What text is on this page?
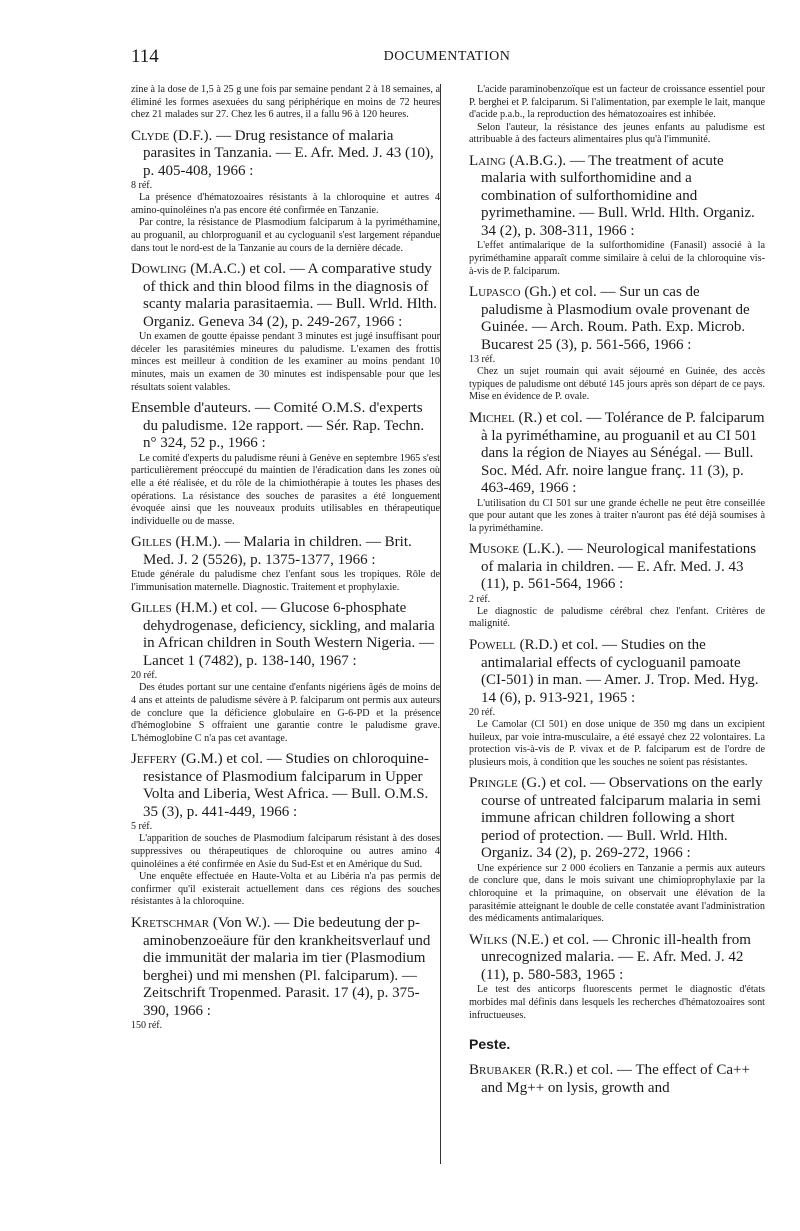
114	DOCUMENTATION

zine à la dose de 1,5 à 25 g une fois par semaine pendant 2 à 18 semaines, a éliminé les formes asexuées du sang périphérique en moins de 72 heures chez 21 malades sur 27. Chez les 6 autres, il a fallu 96 à 120 heures.

Clyde (D.F.). — Drug resistance of malaria parasites in Tanzania. — E. Afr. Med. J. 43 (10), p. 405-408, 1966 :
8 réf.

La présence d'hématozoaires résistants à la chloroquine et autres 4 amino-quinoléines n'a pas encore été confirmée en Tanzanie.

Par contre, la résistance de Plasmodium falciparum à la pyriméthamine, au proguanil, au chlorproguanil et au cycloguanil s'est largement répandue dans tout le nord-est de la Tanzanie au cours de la dernière décade.

Dowling (M.A.C.) et col. — A comparative study of thick and thin blood films in the diagnosis of scanty malaria parasitaemia. — Bull. Wrld. Hlth. Organiz. Geneva 34 (2), p. 249-267, 1966 :

Un examen de goutte épaisse pendant 3 minutes est jugé insuffisant pour déceler les parasitémies mineures du paludisme. L'examen des frottis minces est meilleur à condition de les examiner au moins pendant 10 minutes, mais un examen de 30 minutes est indispensable pour que les résultats soient valables.

Ensemble d'auteurs. — Comité O.M.S. d'experts du paludisme. 12e rapport. — Sér. Rap. Techn. n° 324, 52 p., 1966 :

Le comité d'experts du paludisme réuni à Genève en septembre 1965 s'est particulièrement préoccupé du maintien de l'éradication dans les zones où elle a été réalisée, et du rôle de la chimiothérapie à toutes les phases des opérations. La résistance des souches de parasites a été longuement évoquée ainsi que les nouveaux produits utilisables en thérapeutique individuelle ou de masse.

Gilles (H.M.). — Malaria in children. — Brit. Med. J. 2 (5526), p. 1375-1377, 1966 :

Etude générale du paludisme chez l'enfant sous les tropiques. Rôle de l'immunisation maternelle. Diagnostic. Traitement et prophylaxie.

Gilles (H.M.) et col. — Glucose 6-phosphate dehydrogenase, deficiency, sickling, and malaria in African children in South Western Nigeria. — Lancet 1 (7482), p. 138-140, 1967 :
20 réf.

Des études portant sur une centaine d'enfants nigériens âgés de moins de 4 ans et atteints de paludisme sévère à P. falciparum ont permis aux auteurs de conclure que la déficience globulaire en G-6-PD et la présence d'hémoglobine S offraient une garantie contre le paludisme grave. L'hémoglobine C n'a pas cet avantage.

Jeffery (G.M.) et col. — Studies on chloroquine-resistance of Plasmodium falciparum in Upper Volta and Liberia, West Africa. — Bull. O.M.S. 35 (3), p. 441-449, 1966 :
5 réf.

L'apparition de souches de Plasmodium falciparum résistant à des doses suppressives ou thérapeutiques de chloroquine ou autres amino 4 quinoléines a été confirmée en Asie du Sud-Est et en Amérique du Sud.

Une enquête effectuée en Haute-Volta et au Libéria n'a pas permis de confirmer qu'il existerait actuellement dans ces régions des souches résistantes à la chloroquine.

Kretschmar (Von W.). — Die bedeutung der p-aminobenzoeäure für den krankheitsverlauf und die immunität der malaria im tier (Plasmodium berghei) und mi menshen (Pl. falciparum). — Zeitschrift Tropenmed. Parasit. 17 (4), p. 375-390, 1966 :
150 réf.

L'acide paraminobenzoïque est un facteur de croissance essentiel pour P. berghei et P. falciparum. Si l'alimentation, par exemple le lait, manque d'acide p.a.b., la reproduction des hématozoaires est inhibée.

Selon l'auteur, la résistance des jeunes enfants au paludisme est attribuable à des facteurs alimentaires plus qu'à l'immunité.

Laing (A.B.G.). — The treatment of acute malaria with sulforthomidine and a combination of sulforthomidine and pyrimethamine. — Bull. Wrld. Hlth. Organiz. 34 (2), p. 308-311, 1966 :

L'effet antimalarique de la sulforthomidine (Fanasil) associé à la pyriméthamine apparaît comme similaire à celui de la chloroquine vis-à-vis de P. falciparum.

Lupasco (Gh.) et col. — Sur un cas de paludisme à Plasmodium ovale provenant de Guinée. — Arch. Roum. Path. Exp. Microb. Bucarest 25 (3), p. 561-566, 1966 :
13 réf.

Chez un sujet roumain qui avait séjourné en Guinée, des accès typiques de paludisme ont débuté 145 jours après son départ de ce pays. Mise en évidence de P. ovale.

Michel (R.) et col. — Tolérance de P. falciparum à la pyriméthamine, au proguanil et au CI 501 dans la région de Niayes au Sénégal. — Bull. Soc. Méd. Afr. noire langue franç. 11 (3), p. 463-469, 1966 :

L'utilisation du CI 501 sur une grande échelle ne peut être conseillée que pour autant que les zones à traiter n'auront pas été déjà soumises à la pyriméthamine.

Musoke (L.K.). — Neurological manifestations of malaria in children. — E. Afr. Med. J. 43 (11), p. 561-564, 1966 :
2 réf.

Le diagnostic de paludisme cérébral chez l'enfant. Critères de malignité.

Powell (R.D.) et col. — Studies on the antimalarial effects of cycloguanil pamoate (CI-501) in man. — Amer. J. Trop. Med. Hyg. 14 (6), p. 913-921, 1965 :
20 réf.

Le Camolar (CI 501) en dose unique de 350 mg dans un excipient huileux, par voie intra-musculaire, a été essayé chez 22 volontaires. La protection vis-à-vis de P. vivax et de P. falciparum est de l'ordre de plusieurs mois, à condition que les souches ne soient pas résistantes.

Pringle (G.) et col. — Observations on the early course of untreated falciparum malaria in semi immune african children following a short period of protection. — Bull. Wrld. Hlth. Organiz. 34 (2), p. 269-272, 1966 :

Une expérience sur 2 000 écoliers en Tanzanie a permis aux auteurs de conclure que, dans le mois suivant une chimioprophylaxie par la chloroquine et la primaquine, on observait une élévation de la parasitémie atteignant le double de celle constatée avant l'administration des médicaments antimalariques.

Wilks (N.E.) et col. — Chronic ill-health from unrecognized malaria. — E. Afr. Med. J. 42 (11), p. 580-583, 1965 :

Le test des anticorps fluorescents permet le diagnostic d'états morbides mal définis dans lesquels les recherches d'hématozoaires sont infructueuses.

Peste.
Brubaker (R.R.) et col. — The effect of Ca++ and Mg++ on lysis, growth and
